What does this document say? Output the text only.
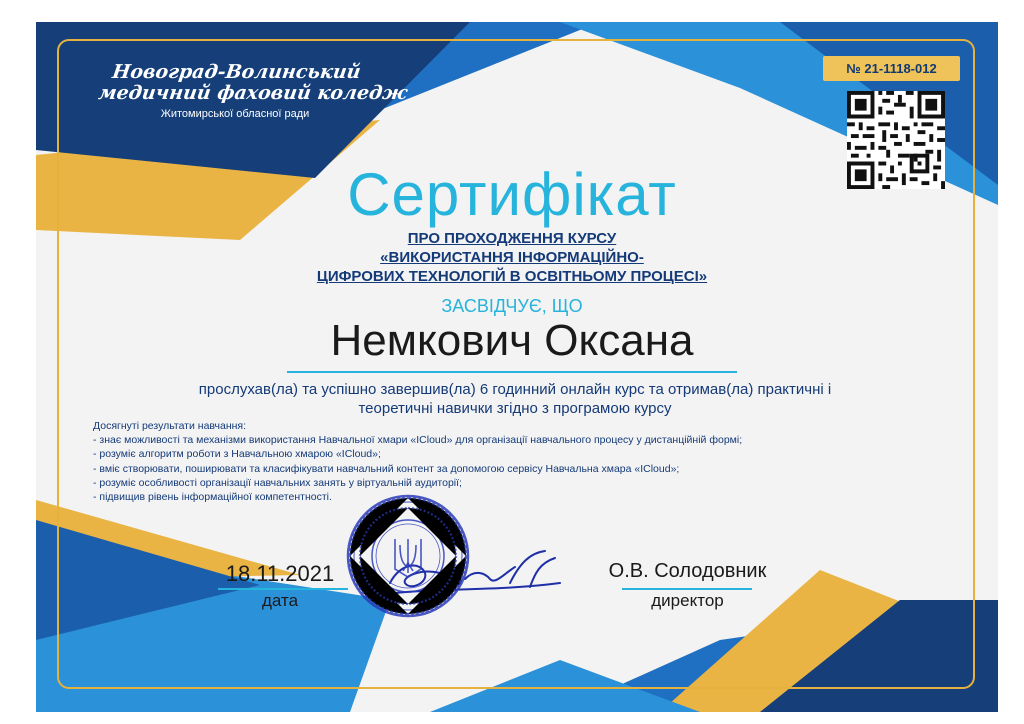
Новоград-Волинський
медичний фаховий коледж
Житомирської обласної ради
№ 21-1118-012
Сертифікат
ПРО ПРОХОДЖЕННЯ КУРСУ
«ВИКОРИСТАННЯ ІНФОРМАЦІЙНО-
ЦИФРОВИХ ТЕХНОЛОГІЙ В ОСВІТНЬОМУ ПРОЦЕСІ»
ЗАСВІДЧУЄ, ЩО
Немкович Оксана
прослухав(ла) та успішно завершив(ла) 6 годинний онлайн курс та отримав(ла) практичні і
теоретичні навички згідно з програмою курсу
Досягнуті результати навчання:
- знає можливості та механізми використання Навчальної хмари «ICloud» для організації навчального процесу у дистанційній формі;
- розуміє алгоритм роботи з Навчальною хмарою «ICloud»;
- вміє створювати, поширювати та класифікувати навчальний контент за допомогою сервісу Навчальна хмара «ICloud»;
- розуміє особливості організації навчальних занять у віртуальній аудиторії;
- підвищив рівень інформаційної компетентності.
18.11.2021
дата
О.В. Солодовник
директор
